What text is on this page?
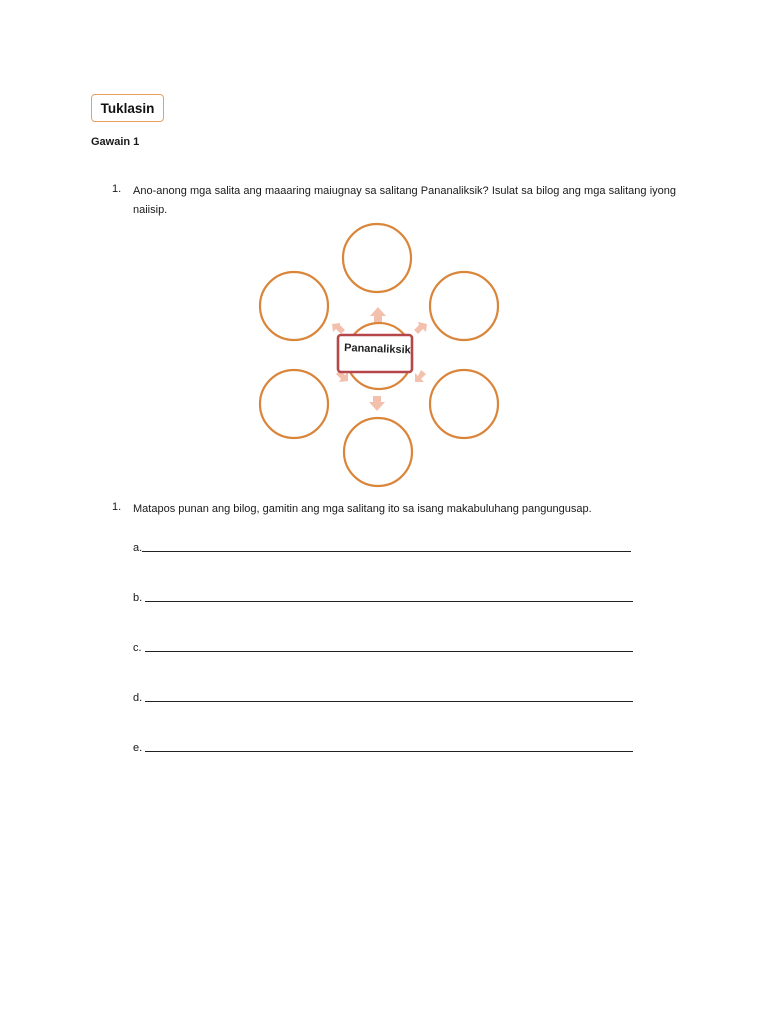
Tuklasin
Gawain 1
1. Ano-anong mga salita ang maaaring maiugnay sa salitang Pananaliksik? Isulat sa bilog ang mga salitang iyong naiisip.
Pananaliksik
1. Matapos punan ang bilog, gamitin ang mga salitang ito sa isang makabuluhang pangungusap.
a.
b.
c.
d.
e.
